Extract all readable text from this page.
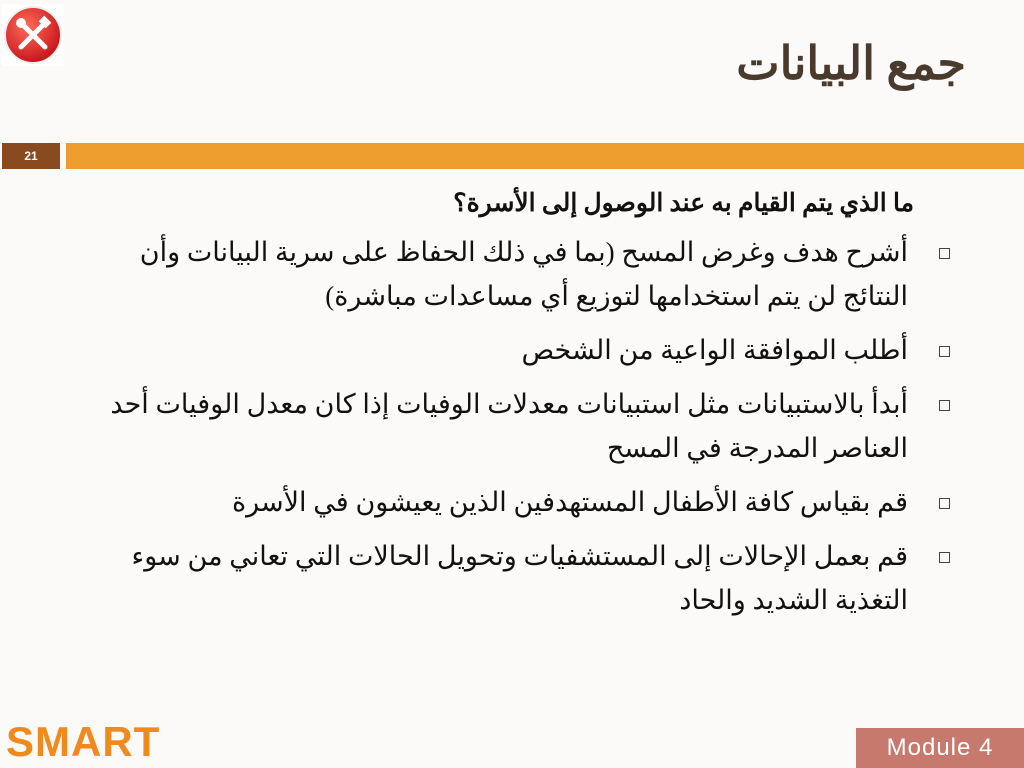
جمع البيانات
21
ما الذي يتم القيام به عند الوصول إلى الأسرة؟
أشرح هدف وغرض المسح (بما في ذلك الحفاظ على سرية البيانات وأن النتائج لن يتم استخدامها لتوزيع أي مساعدات مباشرة)
أطلب الموافقة الواعية من الشخص
أبدأ بالاستبيانات مثل استبيانات معدلات الوفيات إذا كان معدل الوفيات أحد العناصر المدرجة في المسح
قم بقياس كافة الأطفال المستهدفين الذين يعيشون في الأسرة
قم بعمل الإحالات إلى المستشفيات وتحويل الحالات التي تعاني من سوء التغذية الشديد والحاد
SMART	Module 4
